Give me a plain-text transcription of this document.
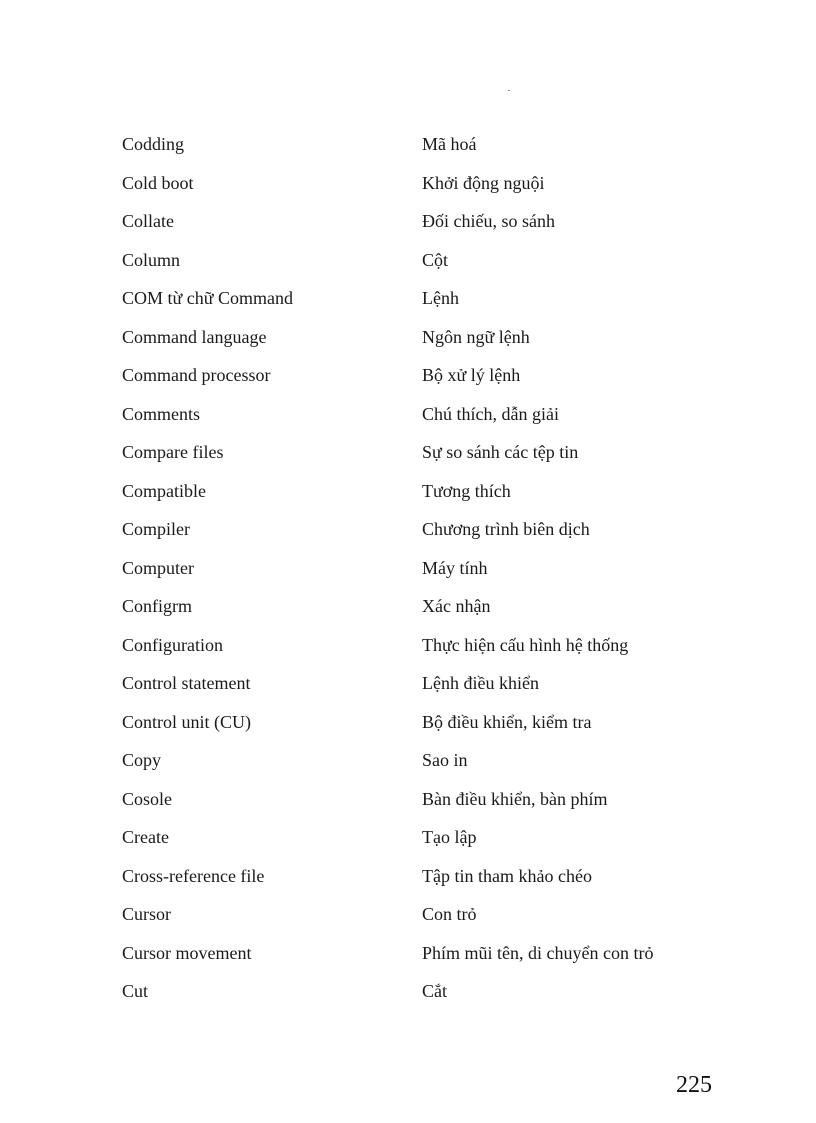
Codding	Mã hoá
Cold boot	Khởi động nguội
Collate	Đối chiếu, so sánh
Column	Cột
COM từ chữ Command	Lệnh
Command language	Ngôn ngữ lệnh
Command processor	Bộ xử lý lệnh
Comments	Chú thích, dẫn giải
Compare files	Sự so sánh các tệp tin
Compatible	Tương thích
Compiler	Chương trình biên dịch
Computer	Máy tính
Configrm	Xác nhận
Configuration	Thực hiện cấu hình hệ thống
Control statement	Lệnh điều khiển
Control unit (CU)	Bộ điều khiển, kiểm tra
Copy	Sao in
Cosole	Bàn điều khiển, bàn phím
Create	Tạo lập
Cross-reference file	Tập tin tham khảo chéo
Cursor	Con trỏ
Cursor movement	Phím mũi tên, di chuyển con trỏ
Cut	Cắt
225
